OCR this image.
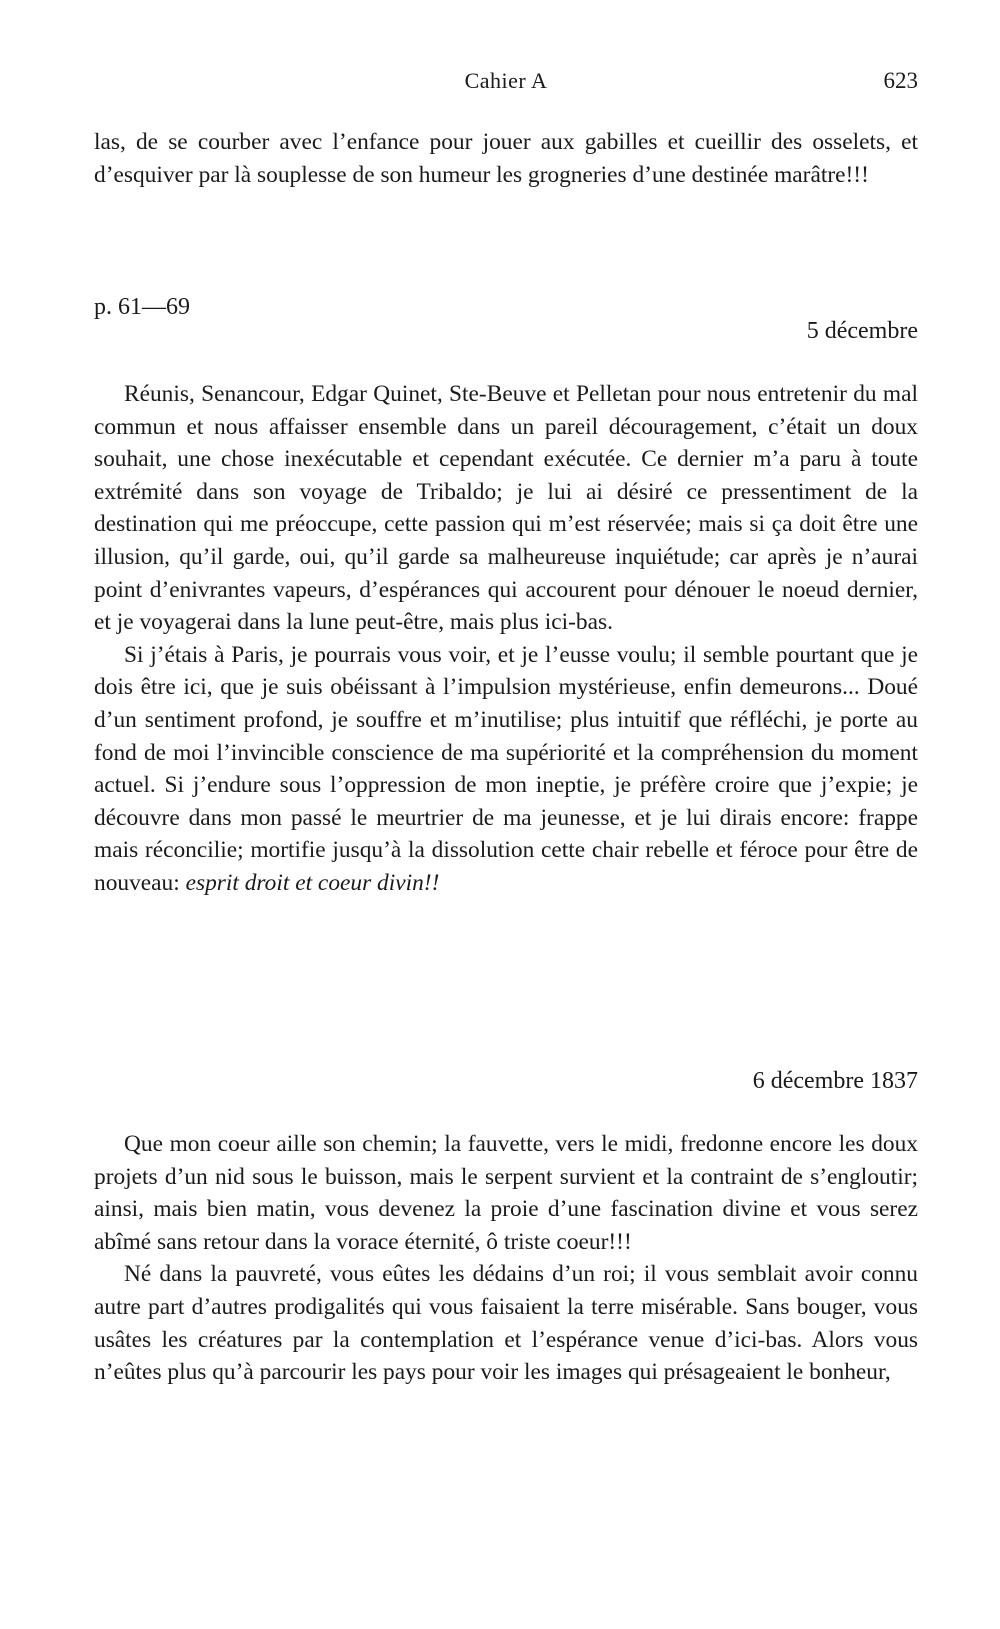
Cahier A	623

las, de se courber avec l’enfance pour jouer aux gabilles et cueillir des osselets, et d’esquiver par là souplesse de son humeur les grogneries d’une destinée marâtre!!!

p. 61—69
5 décembre

Réunis, Senancour, Edgar Quinet, Ste-Beuve et Pelletan pour nous entretenir du mal commun et nous affaisser ensemble dans un pareil découragement, c’était un doux souhait, une chose inexécutable et cependant exécutée. Ce dernier m’a paru à toute extrémité dans son voyage de Tribaldo; je lui ai désiré ce pressentiment de la destination qui me préoccupe, cette passion qui m’est réservée; mais si ça doit être une illusion, qu’il garde, oui, qu’il garde sa malheureuse inquiétude; car après je n’aurai point d’enivrantes vapeurs, d’espérances qui accourent pour dénouer le noeud dernier, et je voyagerai dans la lune peut-être, mais plus ici-bas.

Si j’étais à Paris, je pourrais vous voir, et je l’eusse voulu; il semble pourtant que je dois être ici, que je suis obéissant à l’impulsion mystérieuse, enfin demeurons... Doué d’un sentiment profond, je souffre et m’inutilise; plus intuitif que réfléchi, je porte au fond de moi l’invincible conscience de ma supériorité et la compréhension du moment actuel. Si j’endure sous l’oppression de mon ineptie, je préfère croire que j’expie; je découvre dans mon passé le meurtrier de ma jeunesse, et je lui dirais encore: frappe mais réconcilie; mortifie jusqu’à la dissolution cette chair rebelle et féroce pour être de nouveau: esprit droit et coeur divin!!

6 décembre 1837

Que mon coeur aille son chemin; la fauvette, vers le midi, fredonne encore les doux projets d’un nid sous le buisson, mais le serpent survient et la contraint de s’engloutir; ainsi, mais bien matin, vous devenez la proie d’une fascination divine et vous serez abîmé sans retour dans la vorace éternité, ô triste coeur!!!

Né dans la pauvreté, vous eûtes les dédains d’un roi; il vous semblait avoir connu autre part d’autres prodigalités qui vous faisaient la terre misérable. Sans bouger, vous usâtes les créatures par la contemplation et l’espérance venue d’ici-bas. Alors vous n’eûtes plus qu’à parcourir les pays pour voir les images qui présageaient le bonheur,
